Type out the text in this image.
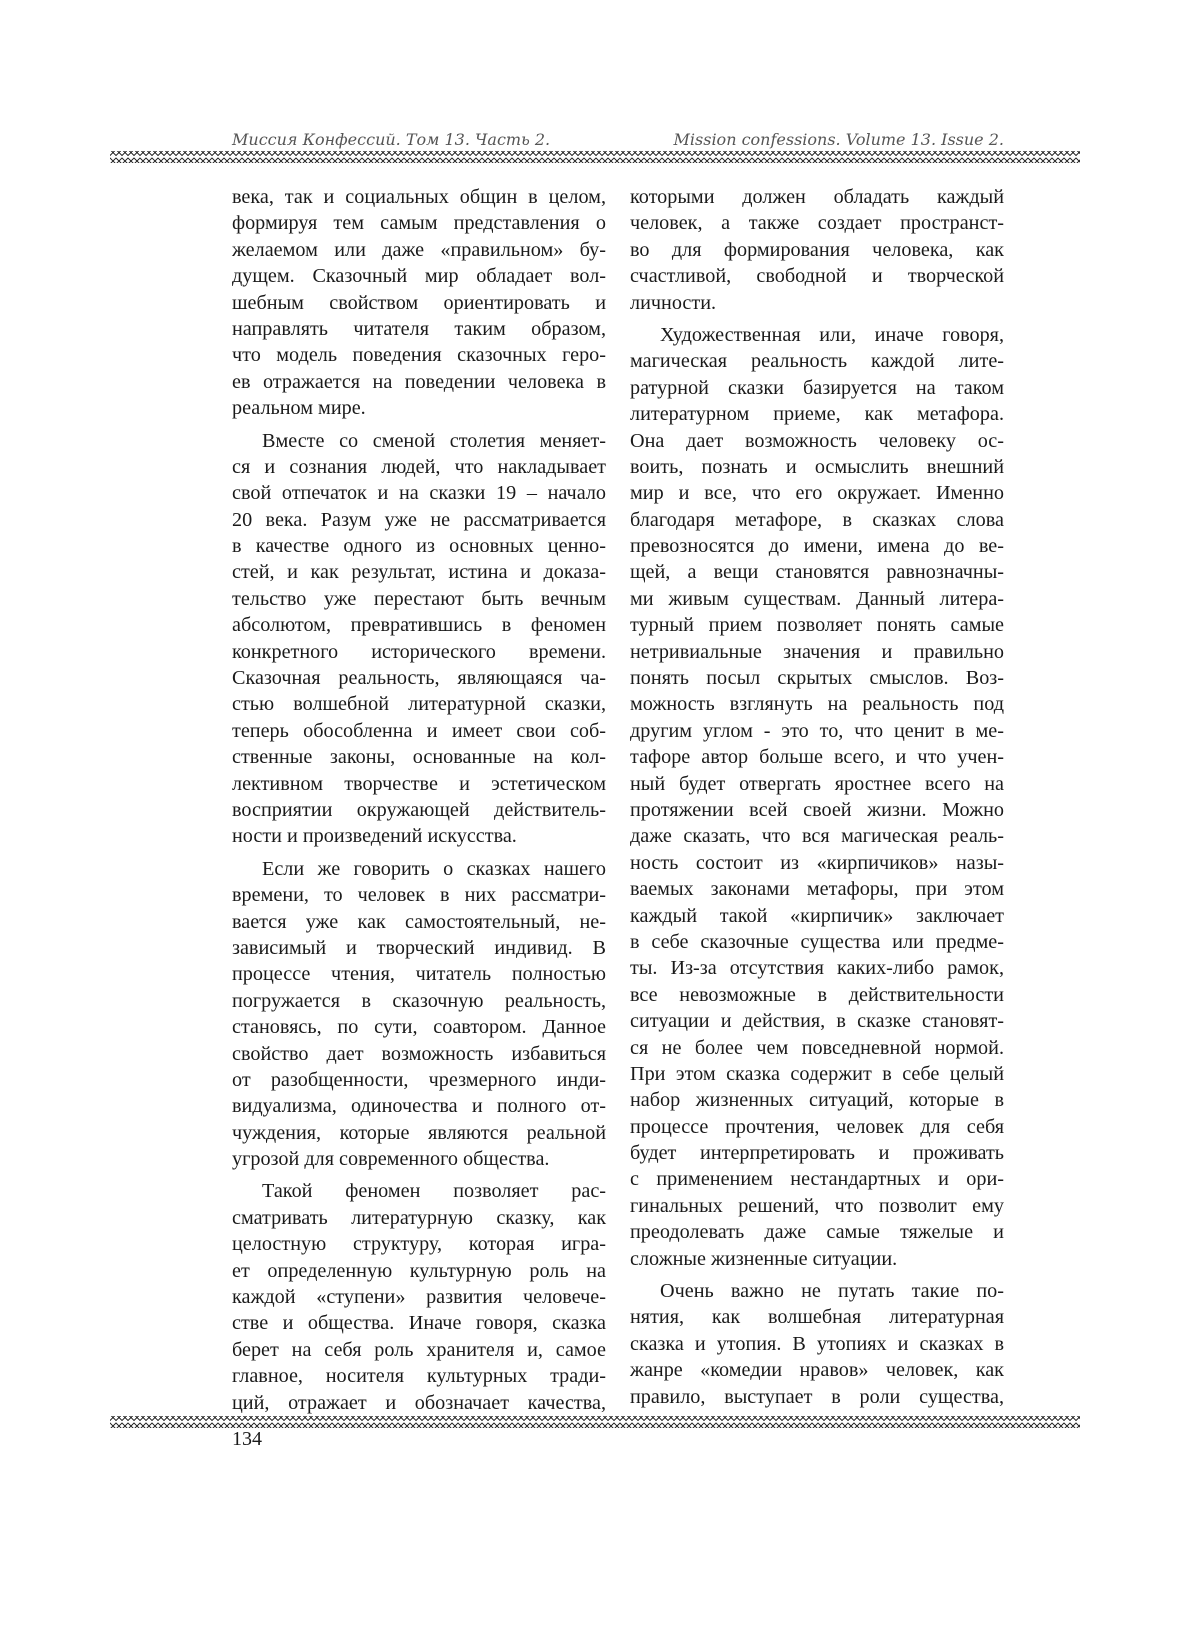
Миссия Конфессий. Том 13. Часть 2.	Mission confessions. Volume 13. Issue 2.
века, так и социальных общин в целом,
формируя тем самым представления о
желаемом или даже «правильном» бу-
дущем. Сказочный мир обладает вол-
шебным свойством ориентировать и
направлять читателя таким образом,
что модель поведения сказочных геро-
ев отражается на поведении человека в
реальном мире.
Вместе со сменой столетия меняет-
ся и сознания людей, что накладывает
свой отпечаток и на сказки 19 – начало
20 века. Разум уже не рассматривается
в качестве одного из основных ценно-
стей, и как результат, истина и доказа-
тельство уже перестают быть вечным
абсолютом, превратившись в феномен
конкретного исторического времени.
Сказочная реальность, являющаяся ча-
стью волшебной литературной сказки,
теперь обособленна и имеет свои соб-
ственные законы, основанные на кол-
лективном творчестве и эстетическом
восприятии окружающей действитель-
ности и произведений искусства.
Если же говорить о сказках нашего
времени, то человек в них рассматри-
вается уже как самостоятельный, не-
зависимый и творческий индивид. В
процессе чтения, читатель полностью
погружается в сказочную реальность,
становясь, по сути, соавтором. Данное
свойство дает возможность избавиться
от разобщенности, чрезмерного инди-
видуализма, одиночества и полного от-
чуждения, которые являются реальной
угрозой для современного общества.
Такой феномен позволяет рас-
сматривать литературную сказку, как
целостную структуру, которая игра-
ет определенную культурную роль на
каждой «ступени» развития человече-
стве и общества. Иначе говоря, сказка
берет на себя роль хранителя и, самое
главное, носителя культурных тради-
ций, отражает и обозначает качества,
которыми должен обладать каждый
человек, а также создает пространст-
во для формирования человека, как
счастливой, свободной и творческой
личности.
Художественная или, иначе говоря,
магическая реальность каждой лите-
ратурной сказки базируется на таком
литературном приеме, как метафора.
Она дает возможность человеку ос-
воить, познать и осмыслить внешний
мир и все, что его окружает. Именно
благодаря метафоре, в сказках слова
превозносятся до имени, имена до ве-
щей, а вещи становятся равнозначны-
ми живым существам. Данный литера-
турный прием позволяет понять самые
нетривиальные значения и правильно
понять посыл скрытых смыслов. Воз-
можность взглянуть на реальность под
другим углом - это то, что ценит в ме-
тафоре автор больше всего, и что учен-
ный будет отвергать яростнее всего на
протяжении всей своей жизни. Можно
даже сказать, что вся магическая реаль-
ность состоит из «кирпичиков» назы-
ваемых законами метафоры, при этом
каждый такой «кирпичик» заключает
в себе сказочные существа или предме-
ты. Из-за отсутствия каких-либо рамок,
все невозможные в действительности
ситуации и действия, в сказке становят-
ся не более чем повседневной нормой.
При этом сказка содержит в себе целый
набор жизненных ситуаций, которые в
процессе прочтения, человек для себя
будет интерпретировать и проживать
с применением нестандартных и ори-
гинальных решений, что позволит ему
преодолевать даже самые тяжелые и
сложные жизненные ситуации.
Очень важно не путать такие по-
нятия, как волшебная литературная
сказка и утопия. В утопиях и сказках в
жанре «комедии нравов» человек, как
правило, выступает в роли существа,
134
